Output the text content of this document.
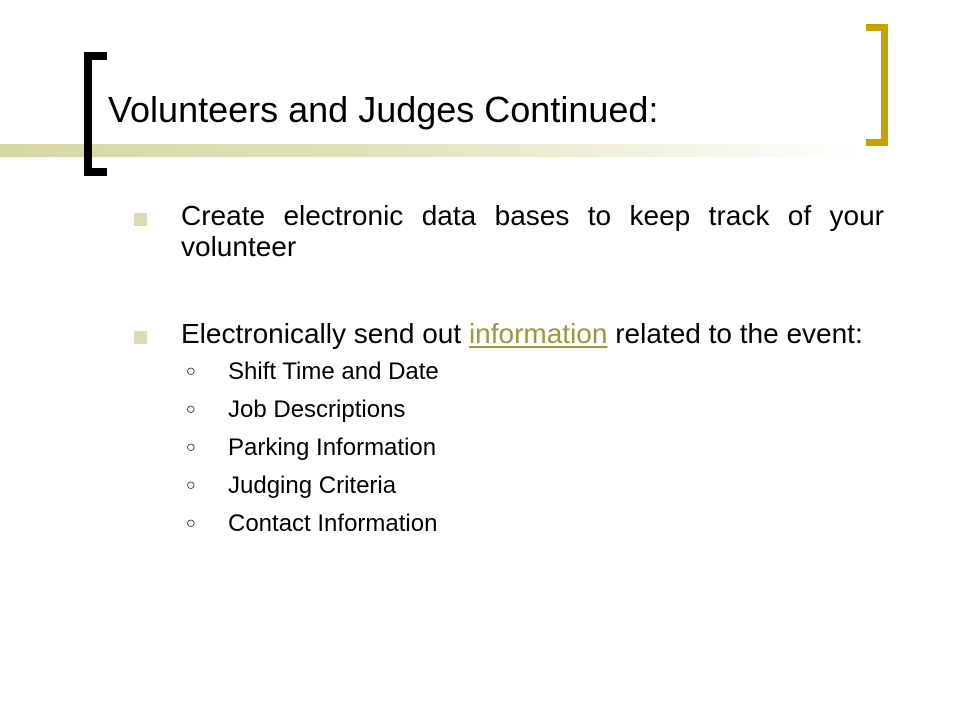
Volunteers and Judges Continued:
Create electronic data bases to keep track of your volunteer
Electronically send out information related to the event:
○ Shift Time and Date
○ Job Descriptions
○ Parking Information
○ Judging Criteria
○ Contact Information
